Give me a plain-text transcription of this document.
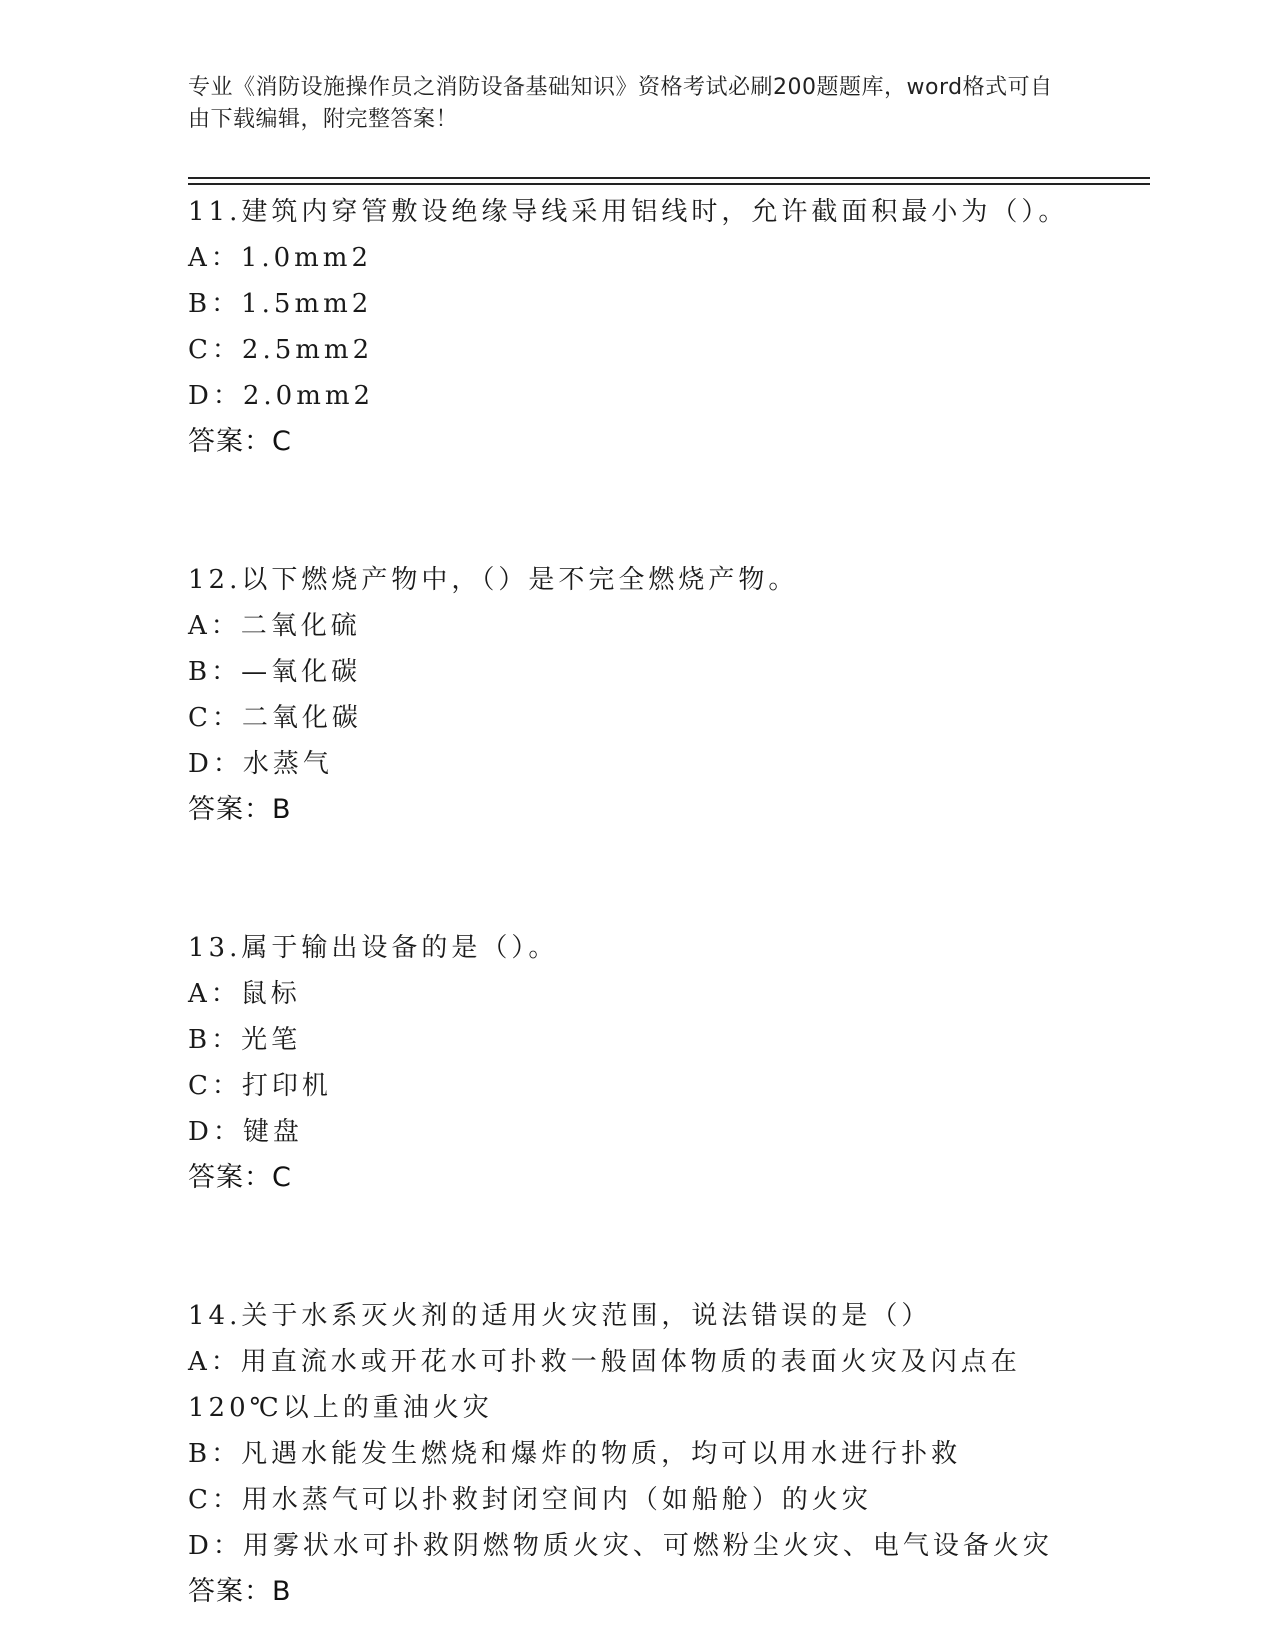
专业《消防设施操作员之消防设备基础知识》资格考试必刷200题题库，word格式可自由下载编辑，附完整答案！
11.建筑内穿管敷设绝缘导线采用铝线时，允许截面积最小为（）。
A：1.0mm2
B：1.5mm2
C：2.5mm2
D：2.0mm2
答案：C
12.以下燃烧产物中，（）是不完全燃烧产物。
A：二氧化硫
B：—氧化碳
C：二氧化碳
D：水蒸气
答案：B
13.属于输出设备的是（）。
A：鼠标
B：光笔
C：打印机
D：键盘
答案：C
14.关于水系灭火剂的适用火灾范围，说法错误的是（）
A：用直流水或开花水可扑救一般固体物质的表面火灾及闪点在120℃以上的重油火灾
B：凡遇水能发生燃烧和爆炸的物质，均可以用水进行扑救
C：用水蒸气可以扑救封闭空间内（如船舱）的火灾
D：用雾状水可扑救阴燃物质火灾、可燃粉尘火灾、电气设备火灾
答案：B
